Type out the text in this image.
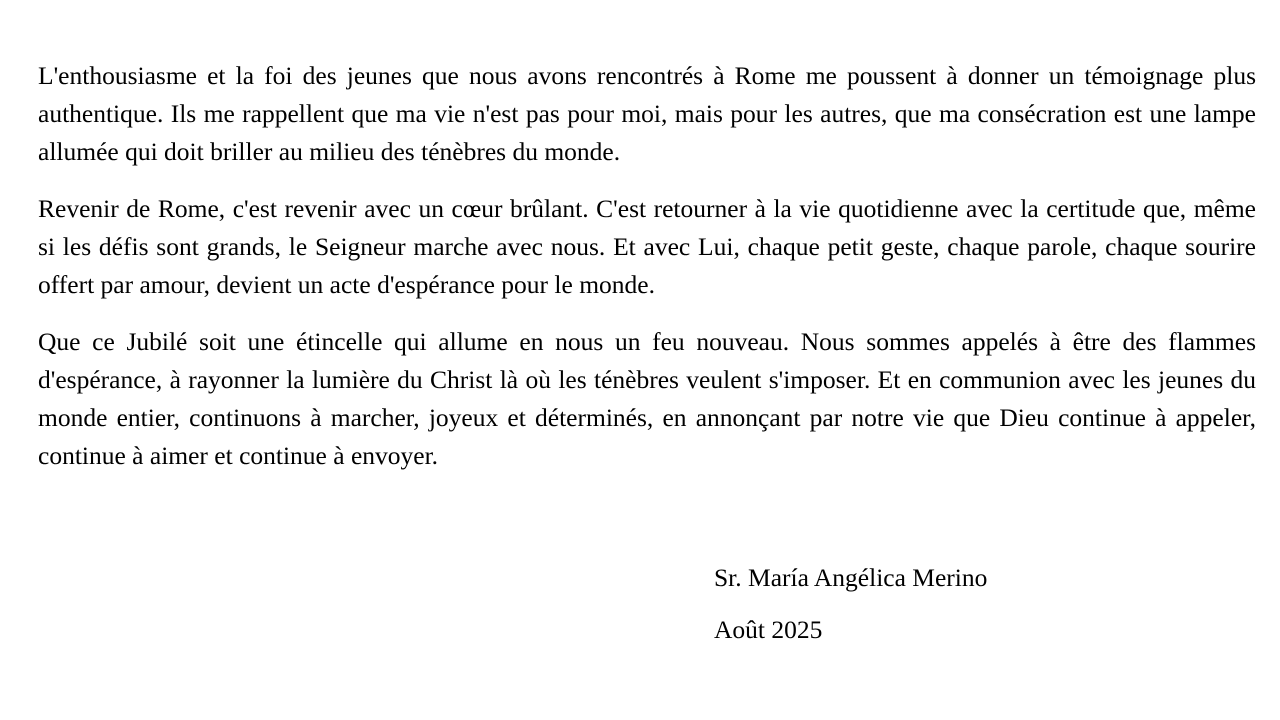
L'enthousiasme et la foi des jeunes que nous avons rencontrés à Rome me poussent à donner un témoignage plus authentique. Ils me rappellent que ma vie n'est pas pour moi, mais pour les autres, que ma consécration est une lampe allumée qui doit briller au milieu des ténèbres du monde.

Revenir de Rome, c'est revenir avec un cœur brûlant. C'est retourner à la vie quotidienne avec la certitude que, même si les défis sont grands, le Seigneur marche avec nous. Et avec Lui, chaque petit geste, chaque parole, chaque sourire offert par amour, devient un acte d'espérance pour le monde.

Que ce Jubilé soit une étincelle qui allume en nous un feu nouveau. Nous sommes appelés à être des flammes d'espérance, à rayonner la lumière du Christ là où les ténèbres veulent s'imposer. Et en communion avec les jeunes du monde entier, continuons à marcher, joyeux et déterminés, en annonçant par notre vie que Dieu continue à appeler, continue à aimer et continue à envoyer.

Sr. María Angélica Merino

Août 2025
